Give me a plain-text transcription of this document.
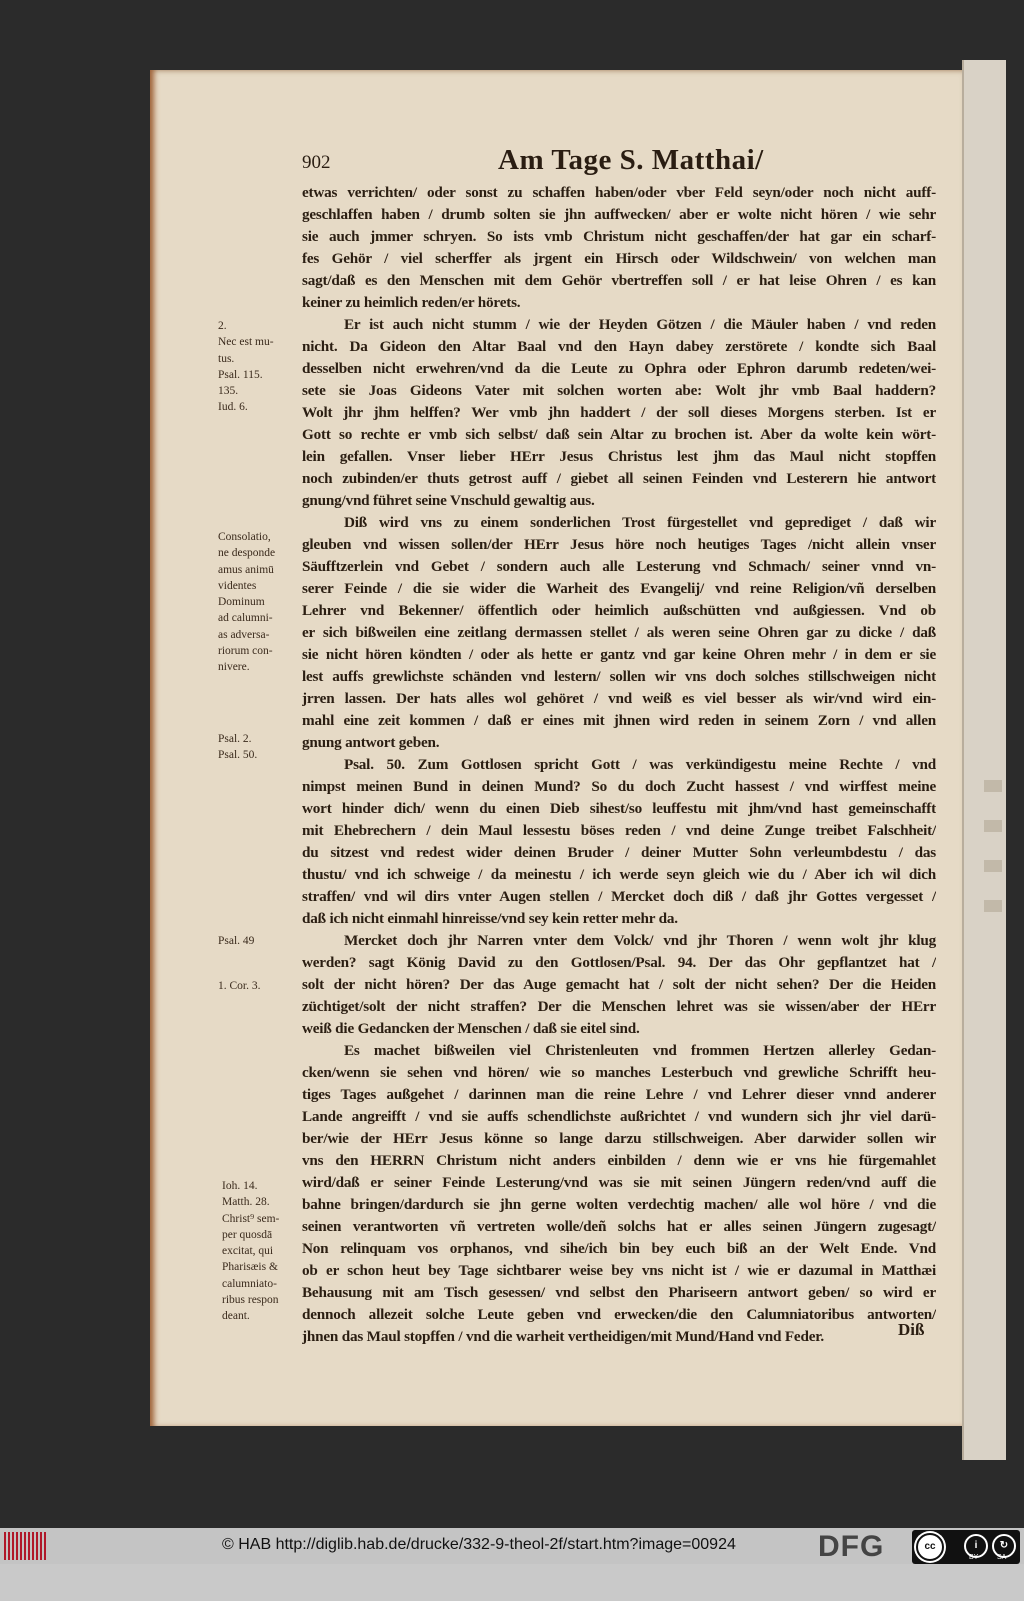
902	Am Tage S. Matthai/
etwas verrichten/ oder sonst zu schaffen haben/oder vber Feld seyn/oder noch nicht auff-
geschlaffen haben / drumb solten sie jhn auffwecken/ aber er wolte nicht hören / wie sehr
sie auch jmmer schryen. So ists vmb Christum nicht geschaffen/der hat gar ein scharf-
fes Gehör / viel scherffer als jrgent ein Hirsch oder Wildschwein/ von welchen man
sagt/daß es den Menschen mit dem Gehör vbertreffen soll / er hat leise Ohren / es kan
keiner zu heimlich reden/er hörets.
Er ist auch nicht stumm / wie der Heyden Götzen / die Mäuler haben / vnd reden
nicht. Da Gideon den Altar Baal vnd den Hayn dabey zerstörete / kondte sich Baal
desselben nicht erwehren/vnd da die Leute zu Ophra oder Ephron darumb redeten/wei-
sete sie Joas Gideons Vater mit solchen worten abe: Wolt jhr vmb Baal haddern?
Wolt jhr jhm helffen? Wer vmb jhn haddert / der soll dieses Morgens sterben. Ist er
Gott so rechte er vmb sich selbst/ daß sein Altar zu brochen ist. Aber da wolte kein wört-
lein gefallen. Vnser lieber HErr Jesus Christus lest jhm das Maul nicht stopffen
noch zubinden/er thuts getrost auff / giebet all seinen Feinden vnd Lesterern hie antwort
gnung/vnd führet seine Vnschuld gewaltig aus.
Diß wird vns zu einem sonderlichen Trost fürgestellet vnd geprediget / daß wir
gleuben vnd wissen sollen/der HErr Jesus höre noch heutiges Tages /nicht allein vnser
Säufftzerlein vnd Gebet / sondern auch alle Lesterung vnd Schmach/ seiner vnnd vn-
serer Feinde / die sie wider die Warheit des Evangelij/ vnd reine Religion/vñ derselben
Lehrer vnd Bekenner/ öffentlich oder heimlich außschütten vnd außgiessen. Vnd ob
er sich bißweilen eine zeitlang dermassen stellet / als weren seine Ohren gar zu dicke / daß
sie nicht hören köndten / oder als hette er gantz vnd gar keine Ohren mehr / in dem er sie
lest auffs grewlichste schänden vnd lestern/ sollen wir vns doch solches stillschweigen nicht
jrren lassen. Der hats alles wol gehöret / vnd weiß es viel besser als wir/vnd wird ein-
mahl eine zeit kommen / daß er eines mit jhnen wird reden in seinem Zorn / vnd allen
gnung antwort geben.
Psal. 50. Zum Gottlosen spricht Gott / was verkündigestu meine Rechte / vnd
nimpst meinen Bund in deinen Mund? So du doch Zucht hassest / vnd wirffest meine
wort hinder dich/ wenn du einen Dieb sihest/so leuffestu mit jhm/vnd hast gemeinschafft
mit Ehebrechern / dein Maul lessestu böses reden / vnd deine Zunge treibet Falschheit/
du sitzest vnd redest wider deinen Bruder / deiner Mutter Sohn verleumbdestu / das
thustu/ vnd ich schweige / da meinestu / ich werde seyn gleich wie du / Aber ich wil dich
straffen/ vnd wil dirs vnter Augen stellen / Mercket doch diß / daß jhr Gottes vergesset /
daß ich nicht einmahl hinreisse/vnd sey kein retter mehr da.
Mercket doch jhr Narren vnter dem Volck/ vnd jhr Thoren / wenn wolt jhr klug
werden? sagt König David zu den Gottlosen/Psal. 94. Der das Ohr gepflantzet hat /
solt der nicht hören? Der das Auge gemacht hat / solt der nicht sehen? Der die Heiden
züchtiget/solt der nicht straffen? Der die Menschen lehret was sie wissen/aber der HErr
weiß die Gedancken der Menschen / daß sie eitel sind.
Es machet bißweilen viel Christenleuten vnd frommen Hertzen allerley Gedan-
cken/wenn sie sehen vnd hören/ wie so manches Lesterbuch vnd grewliche Schrifft heu-
tiges Tages außgehet / darinnen man die reine Lehre / vnd Lehrer dieser vnnd anderer
Lande angreifft / vnd sie auffs schendlichste außrichtet / vnd wundern sich jhr viel darü-
ber/wie der HErr Jesus könne so lange darzu stillschweigen. Aber darwider sollen wir
vns den HERRN Christum nicht anders einbilden / denn wie er vns hie fürgemahlet
wird/daß er seiner Feinde Lesterung/vnd was sie mit seinen Jüngern reden/vnd auff die
bahne bringen/dardurch sie jhn gerne wolten verdechtig machen/ alle wol höre / vnd die
seinen verantworten vñ vertreten wolle/deñ solchs hat er alles seinen Jüngern zugesagt/
Non relinquam vos orphanos, vnd sihe/ich bin bey euch biß an der Welt Ende. Vnd
ob er schon heut bey Tage sichtbarer weise bey vns nicht ist / wie er dazumal in Matthæi
Behausung mit am Tisch gesessen/ vnd selbst den Phariseern antwort geben/ so wird er
dennoch allezeit solche Leute geben vnd erwecken/die den Calumniatoribus antworten/
jhnen das Maul stopffen / vnd die warheit vertheidigen/mit Mund/Hand vnd Feder.	Diß
2.
Nec est mu-
tus.
Psal. 115.
135.
Iud. 6.
Consolatio,
ne desponde
amus animū
videntes
Dominum
ad calumni-
as adversa-
riorum con-
nivere.
Psal. 2.
Psal. 50.
Psal. 49
1. Cor. 3.
Ioh. 14.
Matth. 28.
Christ⁹ sem-
per quosdā
excitat, qui
Pharisæis &
calumniato-
ribus respon
deant.
© HAB http://diglib.hab.de/drucke/332-9-theol-2f/start.htm?image=00924	DFG	cc	i	↻
BY	SA
